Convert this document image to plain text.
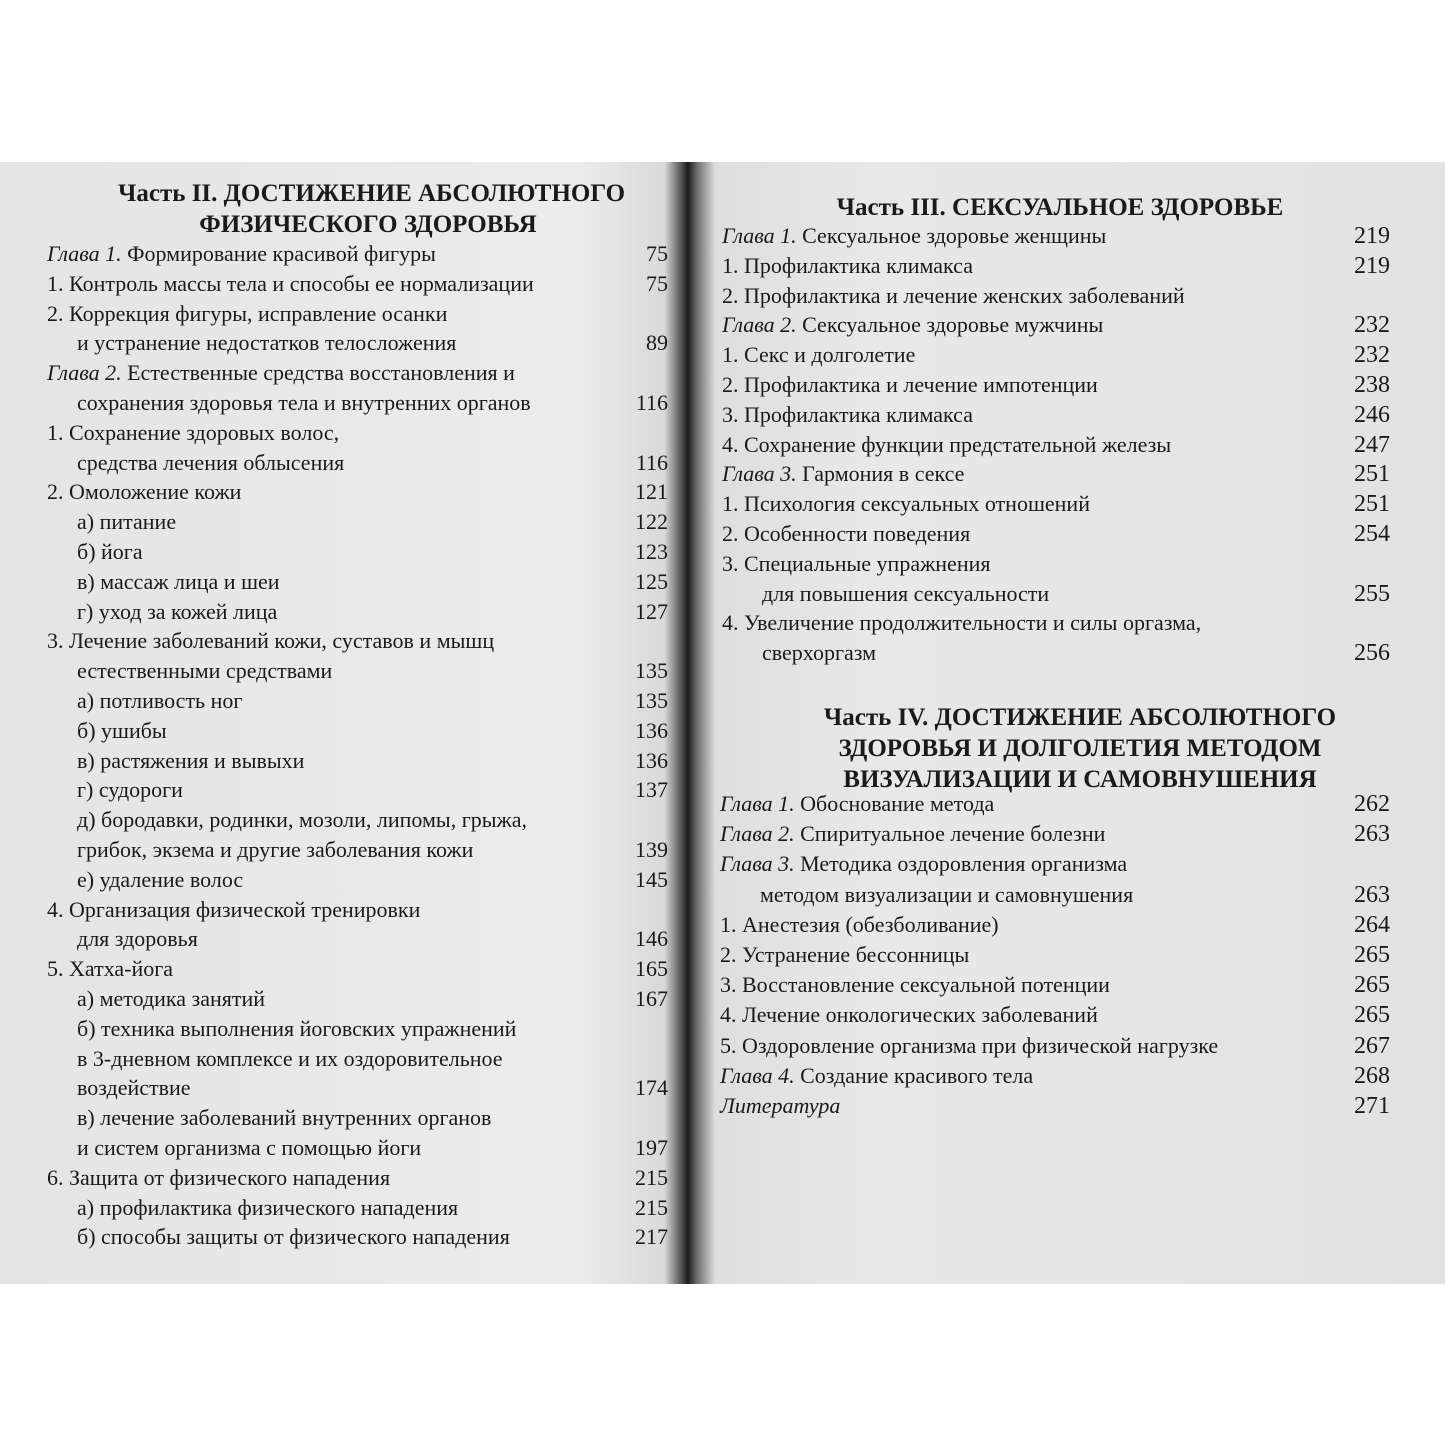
Часть II. ДОСТИЖЕНИЕ АБСОЛЮТНОГО
ФИЗИЧЕСКОГО ЗДОРОВЬЯ
Глава 1. Формирование красивой фигуры	75
1. Контроль массы тела и способы ее нормализации	75
2. Коррекция фигуры, исправление осанки
и устранение недостатков телосложения	89
Глава 2. Естественные средства восстановления и
сохранения здоровья тела и внутренних органов	116
1. Сохранение здоровых волос,
средства лечения облысения	116
2. Омоложение кожи	121
а) питание	122
б) йога	123
в) массаж лица и шеи	125
г) уход за кожей лица	127
3. Лечение заболеваний кожи, суставов и мышц
естественными средствами	135
а) потливость ног	135
б) ушибы	136
в) растяжения и вывыхи	136
г) судороги	137
д) бородавки, родинки, мозоли, липомы, грыжа,
грибок, экзема и другие заболевания кожи	139
е) удаление волос	145
4. Организация физической тренировки
для здоровья	146
5. Хатха-йога	165
а) методика занятий	167
б) техника выполнения йоговских упражнений
в 3-дневном комплексе и их оздоровительное
воздействие	174
в) лечение заболеваний внутренних органов
и систем организма с помощью йоги	197
6. Защита от физического нападения	215
а) профилактика физического нападения	215
б) способы защиты от физического нападения	217
Часть III. СЕКСУАЛЬНОЕ ЗДОРОВЬЕ
Глава 1. Сексуальное здоровье женщины	219
1. Профилактика климакса	219
2. Профилактика и лечение женских заболеваний
Глава 2. Сексуальное здоровье мужчины	232
1. Секс и долголетие	232
2. Профилактика и лечение импотенции	238
3. Профилактика климакса	246
4. Сохранение функции предстательной железы	247
Глава 3. Гармония в сексе	251
1. Психология сексуальных отношений	251
2. Особенности поведения	254
3. Специальные упражнения
для повышения сексуальности	255
4. Увеличение продолжительности и силы оргазма,
сверхоргазм	256
Часть IV. ДОСТИЖЕНИЕ АБСОЛЮТНОГО
ЗДОРОВЬЯ И ДОЛГОЛЕТИЯ МЕТОДОМ
ВИЗУАЛИЗАЦИИ И САМОВНУШЕНИЯ
Глава 1. Обоснование метода	262
Глава 2. Спиритуальное лечение болезни	263
Глава 3. Методика оздоровления организма
методом визуализации и самовнушения	263
1. Анестезия (обезболивание)	264
2. Устранение бессонницы	265
3. Восстановление сексуальной потенции	265
4. Лечение онкологических заболеваний	265
5. Оздоровление организма при физической нагрузке	267
Глава 4. Создание красивого тела	268
Литература	271
